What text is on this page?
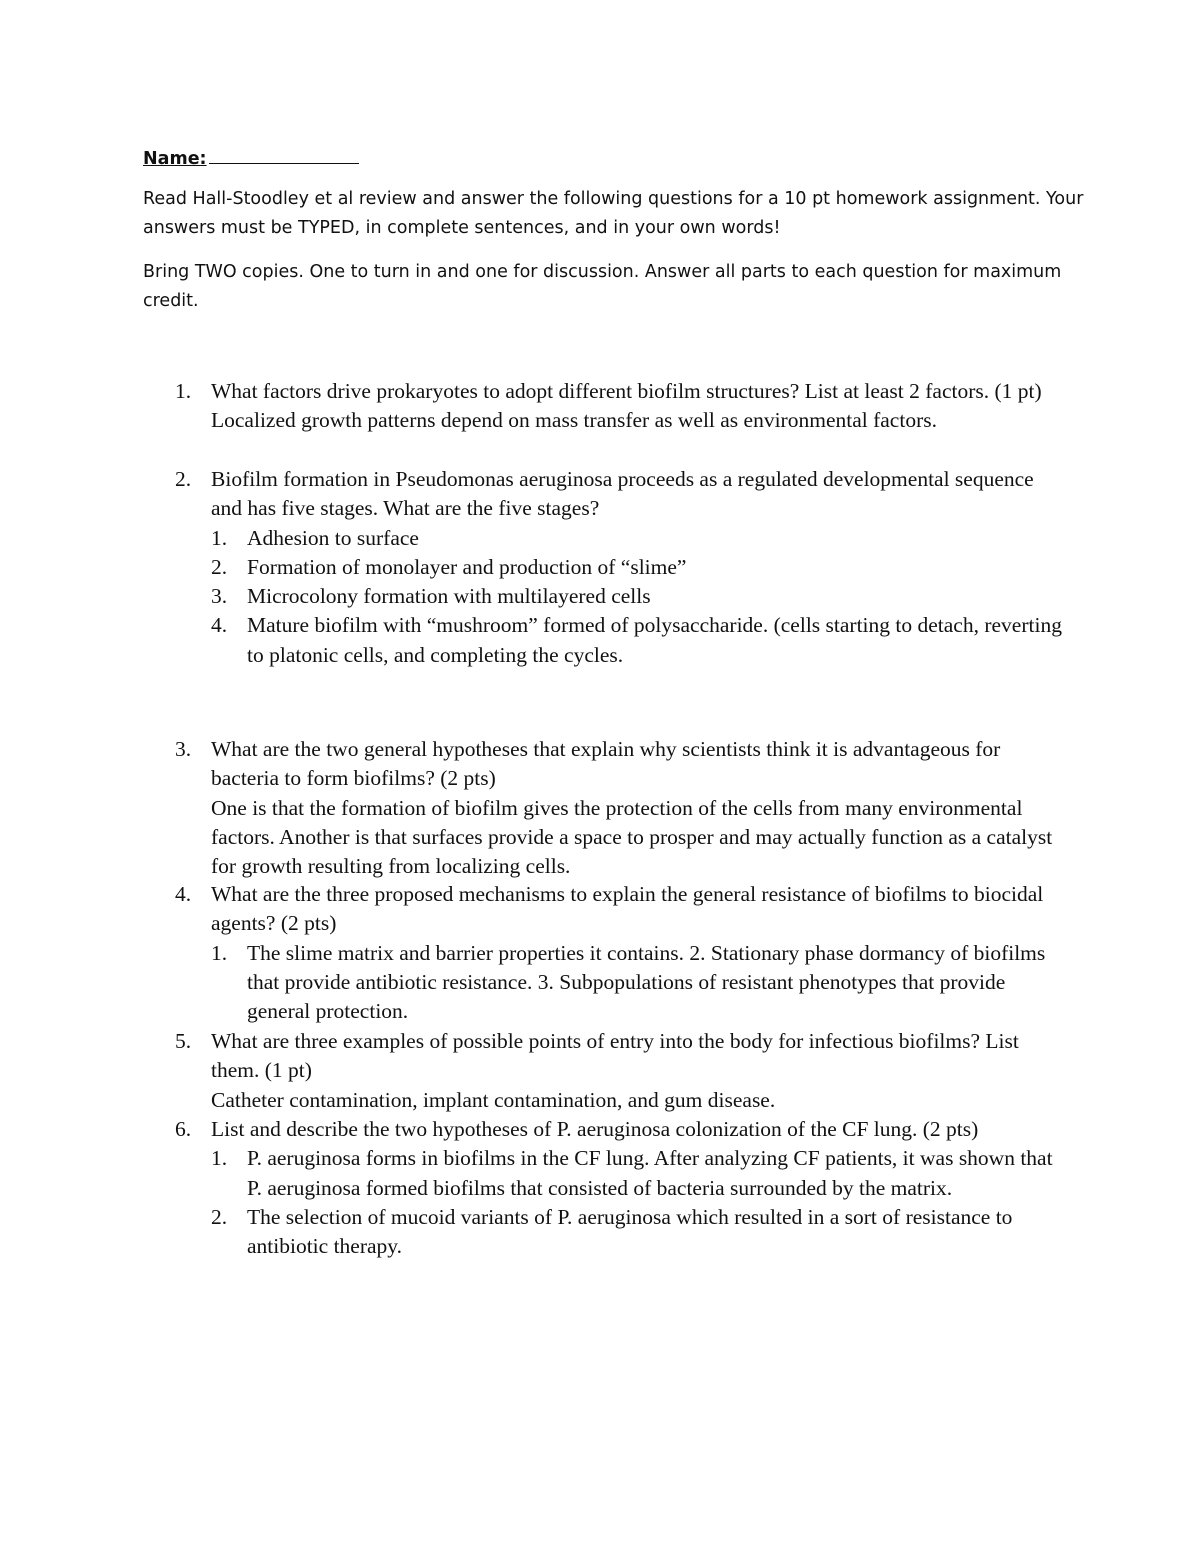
Name:
Read Hall-Stoodley et al review and answer the following questions for a 10 pt homework assignment. Your answers must be TYPED, in complete sentences, and in your own words!
Bring TWO copies. One to turn in and one for discussion. Answer all parts to each question for maximum credit.
1. What factors drive prokaryotes to adopt different biofilm structures? List at least 2 factors. (1 pt)
Localized growth patterns depend on mass transfer as well as environmental factors.
2. Biofilm formation in Pseudomonas aeruginosa proceeds as a regulated developmental sequence and has five stages. What are the five stages?
1. Adhesion to surface
2. Formation of monolayer and production of “slime”
3. Microcolony formation with multilayered cells
4. Mature biofilm with “mushroom” formed of polysaccharide. (cells starting to detach, reverting to platonic cells, and completing the cycles.
3. What are the two general hypotheses that explain why scientists think it is advantageous for bacteria to form biofilms? (2 pts)
One is that the formation of biofilm gives the protection of the cells from many environmental factors. Another is that surfaces provide a space to prosper and may actually function as a catalyst for growth resulting from localizing cells.
4. What are the three proposed mechanisms to explain the general resistance of biofilms to biocidal agents? (2 pts)
1. The slime matrix and barrier properties it contains. 2. Stationary phase dormancy of biofilms that provide antibiotic resistance. 3. Subpopulations of resistant phenotypes that provide general protection.
5. What are three examples of possible points of entry into the body for infectious biofilms? List them. (1 pt)
Catheter contamination, implant contamination, and gum disease.
6. List and describe the two hypotheses of P. aeruginosa colonization of the CF lung. (2 pts)
1. P. aeruginosa forms in biofilms in the CF lung. After analyzing CF patients, it was shown that P. aeruginosa formed biofilms that consisted of bacteria surrounded by the matrix.
2. The selection of mucoid variants of P. aeruginosa which resulted in a sort of resistance to antibiotic therapy.
